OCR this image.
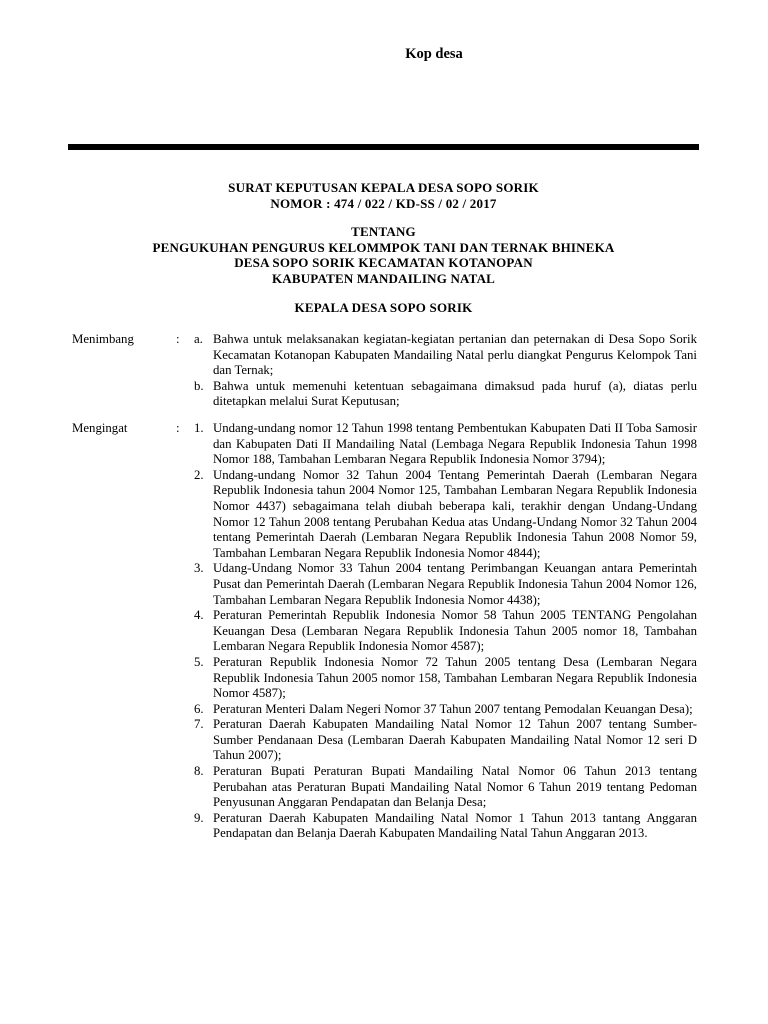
Kop desa
SURAT KEPUTUSAN KEPALA DESA SOPO SORIK
NOMOR : 474 / 022 / KD-SS / 02 / 2017
TENTANG
PENGUKUHAN PENGURUS KELOMMPOK TANI DAN TERNAK BHINEKA
DESA SOPO SORIK KECAMATAN KOTANOPAN
KABUPATEN MANDAILING NATAL
KEPALA DESA SOPO SORIK
Menimbang	: a. Bahwa untuk melaksanakan kegiatan-kegiatan pertanian dan peternakan di Desa Sopo Sorik Kecamatan Kotanopan Kabupaten Mandailing Natal perlu diangkat Pengurus Kelompok Tani dan Ternak;
b. Bahwa untuk memenuhi ketentuan sebagaimana dimaksud pada huruf (a), diatas perlu ditetapkan melalui Surat Keputusan;
Mengingat	: 1. Undang-undang nomor 12 Tahun 1998 tentang Pembentukan Kabupaten Dati II Toba Samosir dan Kabupaten Dati II Mandailing Natal (Lembaga Negara Republik Indonesia Tahun 1998 Nomor 188, Tambahan Lembaran Negara Republik Indonesia Nomor 3794);
2. Undang-undang Nomor 32 Tahun 2004 Tentang Pemerintah Daerah (Lembaran Negara Republik Indonesia tahun 2004 Nomor 125, Tambahan Lembaran Negara Republik Indonesia Nomor 4437) sebagaimana telah diubah beberapa kali, terakhir dengan Undang-Undang Nomor 12 Tahun 2008 tentang Perubahan Kedua atas Undang-Undang Nomor 32 Tahun 2004 tentang Pemerintah Daerah (Lembaran Negara Republik Indonesia Tahun 2008 Nomor 59, Tambahan Lembaran Negara Republik Indonesia Nomor 4844);
3. Udang-Undang Nomor 33 Tahun 2004 tentang Perimbangan Keuangan antara Pemerintah Pusat dan Pemerintah Daerah (Lembaran Negara Republik Indonesia Tahun 2004 Nomor 126, Tambahan Lembaran Negara Republik Indonesia Nomor 4438);
4. Peraturan Pemerintah Republik Indonesia Nomor 58 Tahun 2005 TENTANG Pengolahan Keuangan Desa (Lembaran Negara Republik Indonesia Tahun 2005 nomor 18, Tambahan Lembaran Negara Republik Indonesia Nomor 4587);
5. Peraturan Republik Indonesia Nomor 72 Tahun 2005 tentang Desa (Lembaran Negara Republik Indonesia Tahun 2005 nomor 158, Tambahan Lembaran Negara Republik Indonesia Nomor 4587);
6. Peraturan Menteri Dalam Negeri Nomor 37 Tahun 2007 tentang Pemodalan Keuangan Desa);
7. Peraturan Daerah Kabupaten Mandailing Natal Nomor 12 Tahun 2007 tentang Sumber-Sumber Pendanaan Desa (Lembaran Daerah Kabupaten Mandailing Natal Nomor 12 seri D Tahun 2007);
8. Peraturan Bupati Peraturan Bupati Mandailing Natal Nomor 06 Tahun 2013 tentang Perubahan atas Peraturan Bupati Mandailing Natal Nomor 6 Tahun 2019 tentang Pedoman Penyusunan Anggaran Pendapatan dan Belanja Desa;
9. Peraturan Daerah Kabupaten Mandailing Natal Nomor 1 Tahun 2013 tantang Anggaran Pendapatan dan Belanja Daerah Kabupaten Mandailing Natal Tahun Anggaran 2013.
